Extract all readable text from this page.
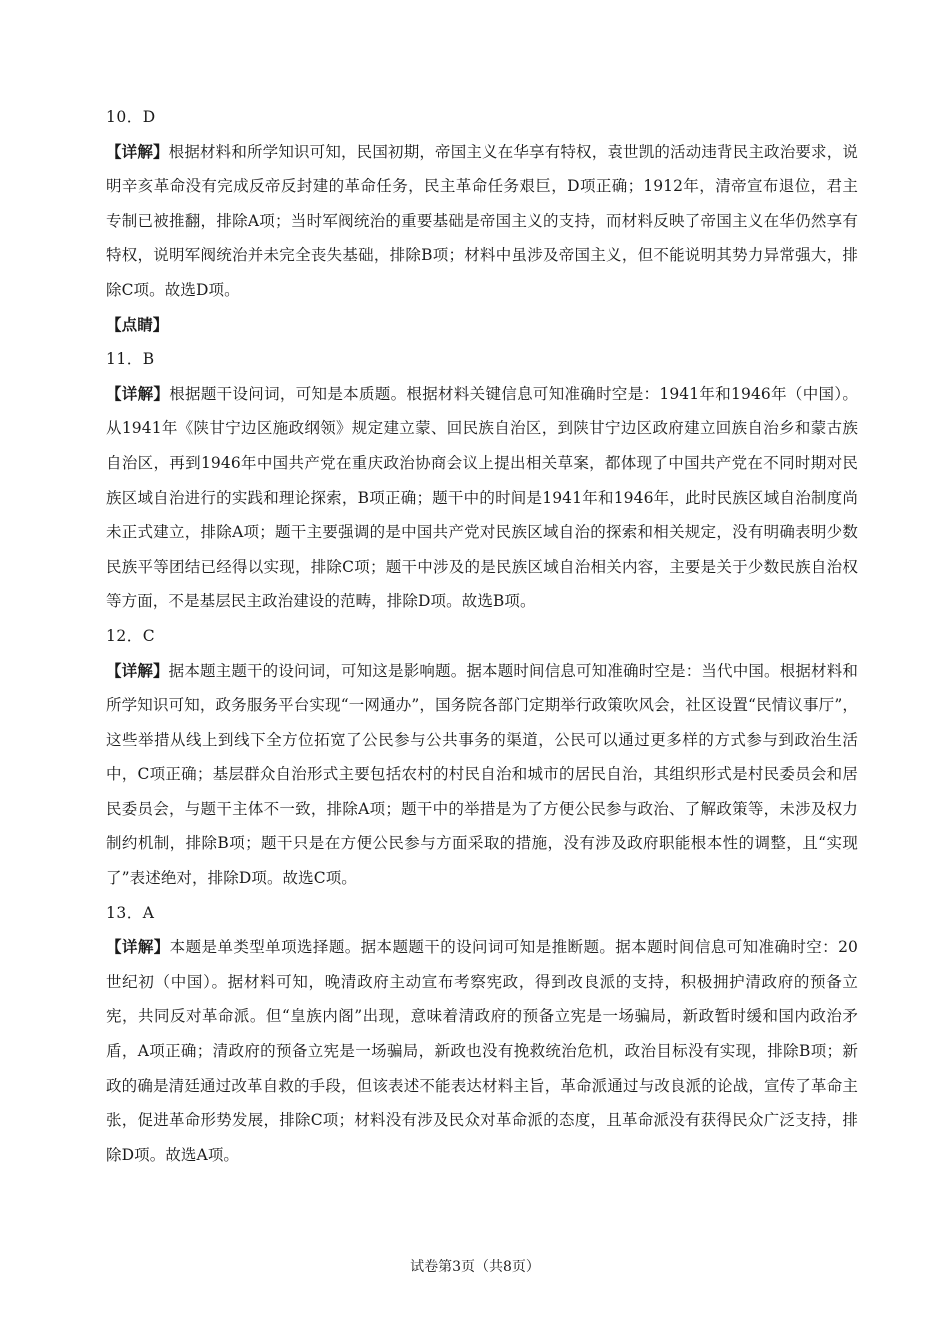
10．D

【详解】根据材料和所学知识可知，民国初期，帝国主义在华享有特权，袁世凯的活动违背民主政治要求，说明辛亥革命没有完成反帝反封建的革命任务，民主革命任务艰巨，D项正确；1912年，清帝宣布退位，君主专制已被推翻，排除A项；当时军阀统治的重要基础是帝国主义的支持，而材料反映了帝国主义在华仍然享有特权，说明军阀统治并未完全丧失基础，排除B项；材料中虽涉及帝国主义，但不能说明其势力异常强大，排除C项。故选D项。

【点睛】

11．B

【详解】根据题干设问词，可知是本质题。根据材料关键信息可知准确时空是：1941年和1946年（中国）。从1941年《陕甘宁边区施政纲领》规定建立蒙、回民族自治区，到陕甘宁边区政府建立回族自治乡和蒙古族自治区，再到1946年中国共产党在重庆政治协商会议上提出相关草案，都体现了中国共产党在不同时期对民族区域自治进行的实践和理论探索，B项正确；题干中的时间是1941年和1946年，此时民族区域自治制度尚未正式建立，排除A项；题干主要强调的是中国共产党对民族区域自治的探索和相关规定，没有明确表明少数民族平等团结已经得以实现，排除C项；题干中涉及的是民族区域自治相关内容，主要是关于少数民族自治权等方面，不是基层民主政治建设的范畴，排除D项。故选B项。

12．C

【详解】据本题主题干的设问词，可知这是影响题。据本题时间信息可知准确时空是：当代中国。根据材料和所学知识可知，政务服务平台实现“一网通办”，国务院各部门定期举行政策吹风会，社区设置“民情议事厅”，这些举措从线上到线下全方位拓宽了公民参与公共事务的渠道，公民可以通过更多样的方式参与到政治生活中，C项正确；基层群众自治形式主要包括农村的村民自治和城市的居民自治，其组织形式是村民委员会和居民委员会，与题干主体不一致，排除A项；题干中的举措是为了方便公民参与政治、了解政策等，未涉及权力制约机制，排除B项；题干只是在方便公民参与方面采取的措施，没有涉及政府职能根本性的调整，且“实现了”表述绝对，排除D项。故选C项。

13．A

【详解】本题是单类型单项选择题。据本题题干的设问词可知是推断题。据本题时间信息可知准确时空：20世纪初（中国）。据材料可知，晚清政府主动宣布考察宪政，得到改良派的支持，积极拥护清政府的预备立宪，共同反对革命派。但“皇族内阁”出现，意味着清政府的预备立宪是一场骗局，新政暂时缓和国内政治矛盾，A项正确；清政府的预备立宪是一场骗局，新政也没有挽救统治危机，政治目标没有实现，排除B项；新政的确是清廷通过改革自救的手段，但该表述不能表达材料主旨，革命派通过与改良派的论战，宣传了革命主张，促进革命形势发展，排除C项；材料没有涉及民众对革命派的态度，且革命派没有获得民众广泛支持，排除D项。故选A项。

试卷第3页（共8页）
